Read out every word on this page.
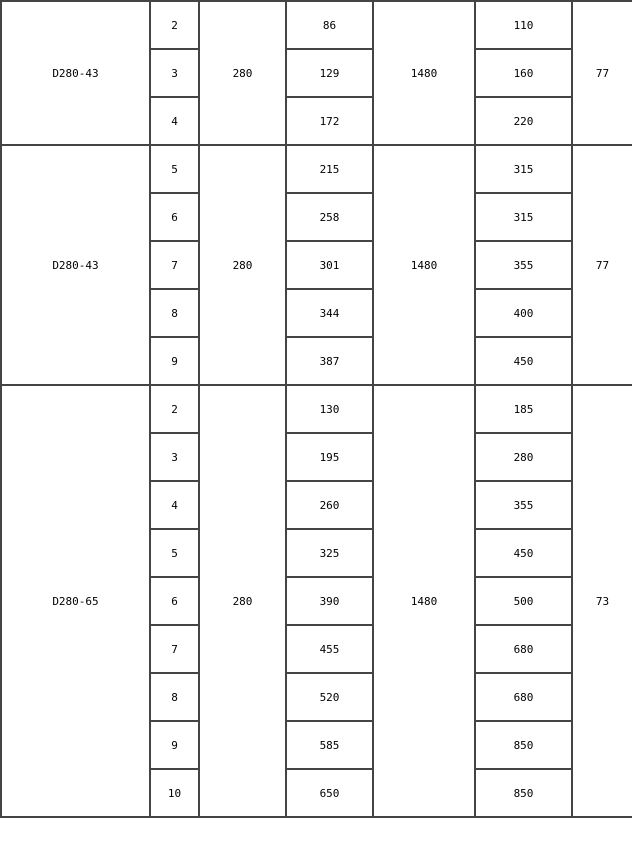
D280-43	2	280	86	1480	110	77
	3		129		160	
	4		172		220	
D280-43	5	280	215	1480	315	77
	6		258		315	
	7		301		355	
	8		344		400	
	9		387		450	
D280-65	2	280	130	1480	185	73
	3		195		280	
	4		260		355	
	5		325		450	
	6		390		500	
	7		455		680	
	8		520		680	
	9		585		850	
	10		650		850	
